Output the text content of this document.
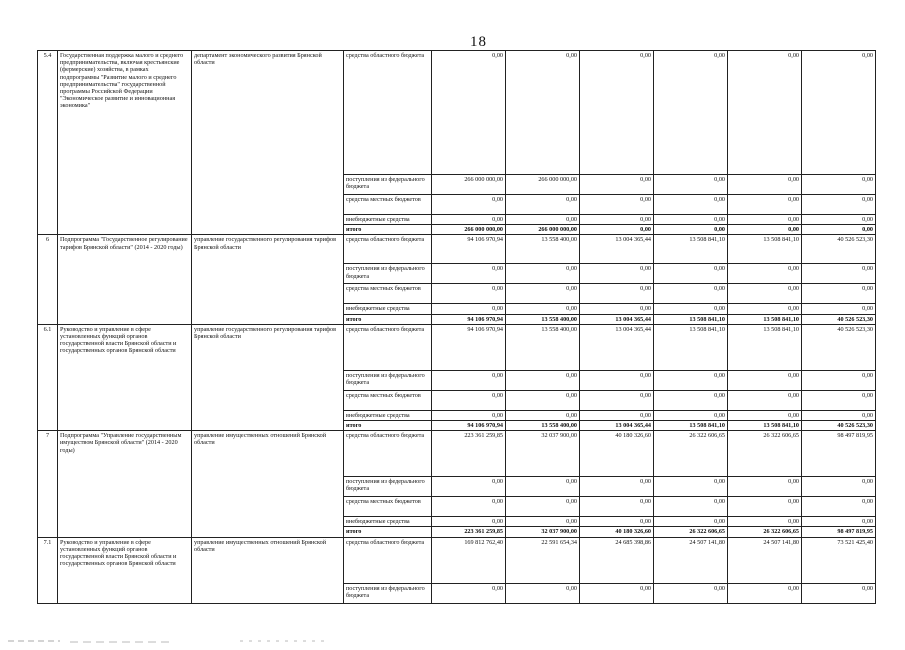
18
5.4	Государственная поддержка малого и среднего предпринимательства, включая крестьянские (фермерские) хозяйства, в рамках подпрограммы "Развитие малого и среднего предпринимательства" государственной программы Российской Федерации "Экономическое развитие и инновационная экономика"	департамент экономического развития Брянской области	средства областного бюджета	0,00	0,00	0,00	0,00	0,00	0,00
			поступления из федерального бюджета	266 000 000,00	266 000 000,00	0,00	0,00	0,00	0,00
			средства местных бюджетов	0,00	0,00	0,00	0,00	0,00	0,00
			внебюджетные средства	0,00	0,00	0,00	0,00	0,00	0,00
			итого	266 000 000,00	266 000 000,00	0,00	0,00	0,00	0,00
6	Подпрограмма "Государственное регулирование тарифов Брянской области" (2014 - 2020 годы)	управление государственного регулирования тарифов Брянской области	средства областного бюджета	94 106 970,94	13 558 400,00	13 004 365,44	13 508 841,10	13 508 841,10	40 526 523,30
			поступления из федерального бюджета	0,00	0,00	0,00	0,00	0,00	0,00
			средства местных бюджетов	0,00	0,00	0,00	0,00	0,00	0,00
			внебюджетные средства	0,00	0,00	0,00	0,00	0,00	0,00
			итого	94 106 970,94	13 558 400,00	13 004 365,44	13 508 841,10	13 508 841,10	40 526 523,30
6.1	Руководство и управление в сфере установленных функций органов государственной власти Брянской области и государственных органов Брянской области	управление государственного регулирования тарифов Брянской области	средства областного бюджета	94 106 970,94	13 558 400,00	13 004 365,44	13 508 841,10	13 508 841,10	40 526 523,30
			поступления из федерального бюджета	0,00	0,00	0,00	0,00	0,00	0,00
			средства местных бюджетов	0,00	0,00	0,00	0,00	0,00	0,00
			внебюджетные средства	0,00	0,00	0,00	0,00	0,00	0,00
			итого	94 106 970,94	13 558 400,00	13 004 365,44	13 508 841,10	13 508 841,10	40 526 523,30
7	Подпрограмма "Управление государственным имуществом Брянской области" (2014 - 2020 годы)	управление имущественных отношений Брянской области	средства областного бюджета	223 361 259,85	32 037 900,00	40 180 326,60	26 322 606,65	26 322 606,65	98 497 819,95
			поступления из федерального бюджета	0,00	0,00	0,00	0,00	0,00	0,00
			средства местных бюджетов	0,00	0,00	0,00	0,00	0,00	0,00
			внебюджетные средства	0,00	0,00	0,00	0,00	0,00	0,00
			итого	223 361 259,85	32 037 900,00	40 180 326,60	26 322 606,65	26 322 606,65	98 497 819,95
7.1	Руководство и управление в сфере установленных функций органов государственной власти Брянской области и государственных органов Брянской области	управление имущественных отношений Брянской области	средства областного бюджета	169 812 762,40	22 591 654,34	24 685 398,86	24 507 141,80	24 507 141,80	73 521 425,40
			поступления из федерального бюджета	0,00	0,00	0,00	0,00	0,00	0,00
